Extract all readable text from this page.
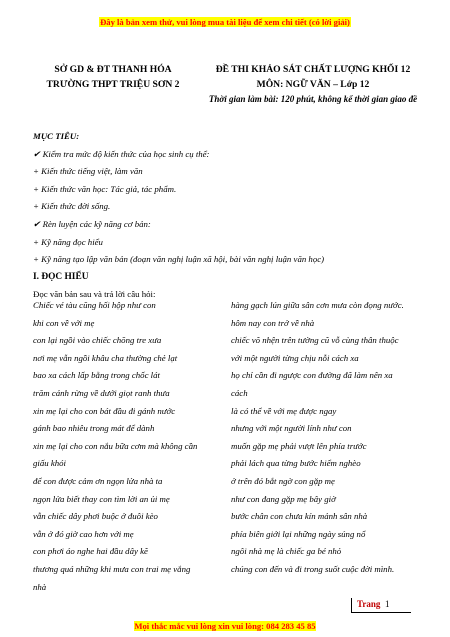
Đây là bản xem thử, vui lòng mua tài liệu để xem chi tiết (có lời giải)
SỞ GD & ĐT THANH HÓA
TRƯỜNG THPT TRIỆU SƠN 2
ĐỀ THI KHẢO SÁT CHẤT LƯỢNG KHỐI 12
MÔN: NGỮ VĂN – Lớp 12
Thời gian làm bài: 120 phút, không kể thời gian giao đề
MỤC TIÊU:
✔ Kiểm tra mức độ kiến thức của học sinh cụ thể:
+ Kiến thức tiếng việt, làm văn
+ Kiến thức văn học: Tác giả, tác phẩm.
+ Kiến thức đời sống.
✔ Rèn luyện các kỹ năng cơ bản:
+ Kỹ năng đọc hiểu
+ Kỹ năng tạo lập văn bản (đoạn văn nghị luận xã hội, bài văn nghị luận văn học)
I. ĐỌC HIỂU
Đọc văn bản sau và trả lời câu hỏi:
Chiếc vé tàu cũng hối hộp như con
khi con về với mẹ
con lại ngồi vào chiếc chõng tre xưa
nơi mẹ vẫn ngồi khâu cha thường chẻ lạt
bao xa cách lấp bằng trong chốc lát
trăm cánh rừng về dưới giọt ranh thưa
xin mẹ lại cho con bát đầu đi gánh nước
gánh bao nhiêu trong mát để dành
xin mẹ lại cho con nắu bữa cơm mà không cần
giấu khói
để con được cảm ơn ngọn lửa nhà ta
ngọn lửa biết thay con tìm lời an ủi mẹ
vẫn chiếc dây phơi buộc ở đuôi kèo
vẫn ở đó giờ cao hơn với mẹ
con phơi áo nghe hai đầu dây kẽ
thương quá những khi mưa con trai mẹ vắng
nhà
hàng gạch lún giữa sân cơn mưa còn đọng nước.
hôm nay con trở về nhà
chiếc võ nhện trên tường cũ vỗ cùng thân thuộc
với một người từng chịu nỗi cách xa
họ chỉ cần đi ngược con đường đã làm nên xa
cách
là có thể về với mẹ được ngay
nhưng với một người lính như con
muốn gặp mẹ phải vượt lên phía trước
phải lách qua từng bước hiểm nghèo
ở trên đó bắt ngờ con gặp mẹ
như con đang gặp mẹ bây giờ
bước chân con chưa kín mảnh sân nhà
phía biên giới lại những ngày súng nổ
ngôi nhà mẹ là chiếc ga bé nhỏ
chúng con đến và đi trong suốt cuộc đời mình.
Trang 1
Mọi thắc mắc vui lòng xin vui lòng: 084 283 45 85
